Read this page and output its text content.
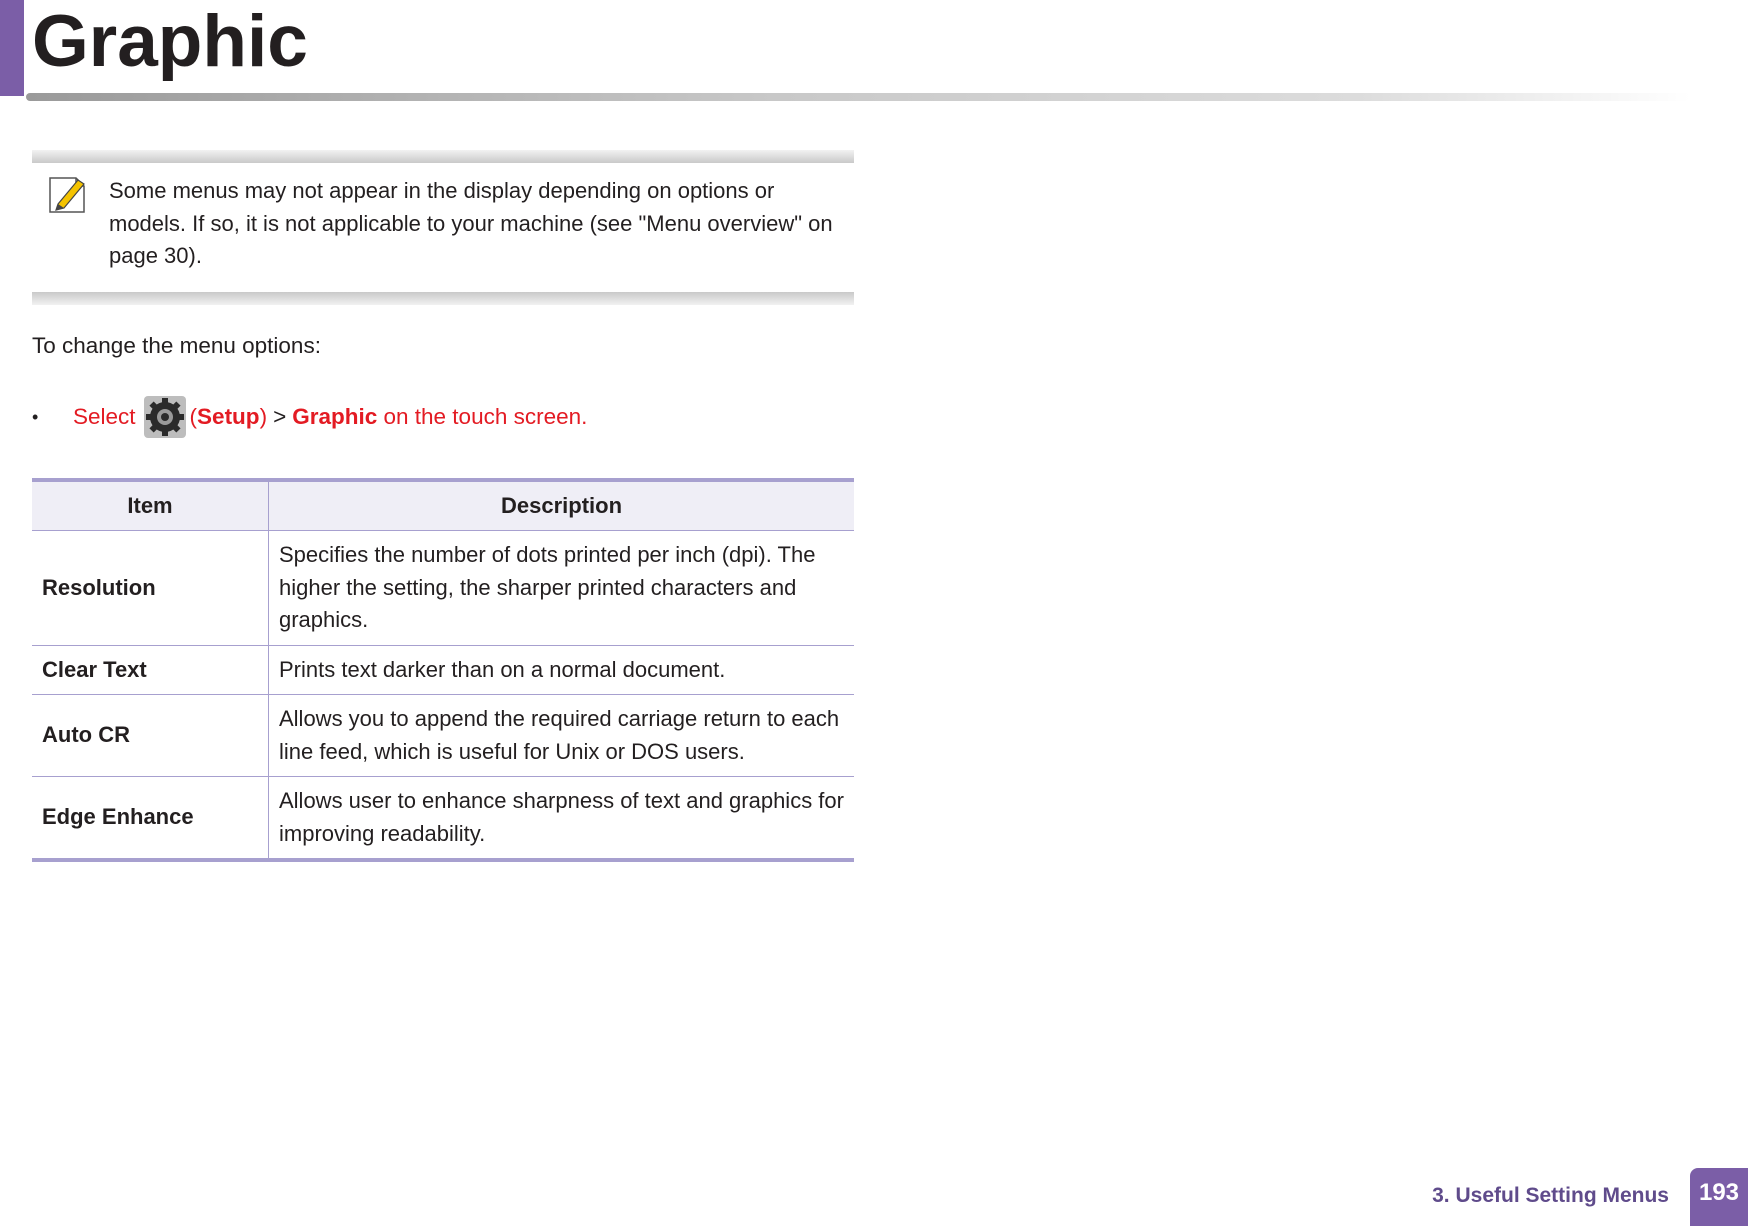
Graphic

Some menus may not appear in the display depending on options or models. If so, it is not applicable to your machine (see "Menu overview" on page 30).

To change the menu options:

•	Select ( Setup ) > Graphic
on the touch screen.
Item	Description
Resolution	Specifies the number of dots printed per inch (dpi). The higher the setting, the sharper printed characters and graphics.
Clear Text	Prints text darker than on a normal document.
Auto CR	Allows you to append the required carriage return to each line feed, which is useful for Unix or DOS users.
Edge Enhance	Allows user to enhance sharpness of text and graphics for improving readability.

3. Useful Setting Menus	193
